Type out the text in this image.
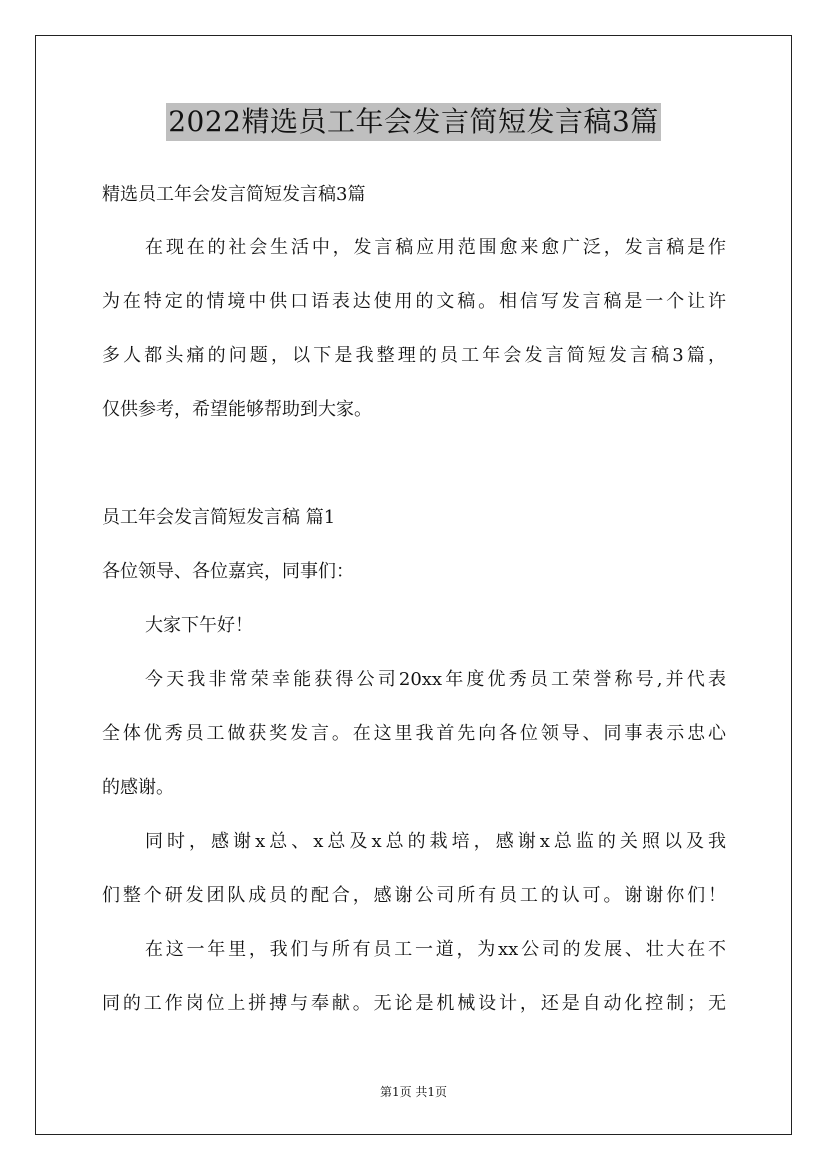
2022精选员工年会发言简短发言稿3篇
精选员工年会发言简短发言稿3篇
在现在的社会生活中，发言稿应用范围愈来愈广泛，发言稿是作
为在特定的情境中供口语表达使用的文稿。相信写发言稿是一个让许
多人都头痛的问题，以下是我整理的员工年会发言简短发言稿3篇，
仅供参考，希望能够帮助到大家。
员工年会发言简短发言稿 篇1
各位领导、各位嘉宾，同事们：
大家下午好！
今天我非常荣幸能获得公司20xx年度优秀员工荣誉称号,并代表
全体优秀员工做获奖发言。在这里我首先向各位领导、同事表示忠心
的感谢。
同时，感谢x总、x总及x总的栽培，感谢x总监的关照以及我
们整个研发团队成员的配合，感谢公司所有员工的认可。谢谢你们！
在这一年里，我们与所有员工一道，为xx公司的发展、壮大在不
同的工作岗位上拼搏与奉献。无论是机械设计，还是自动化控制；无
第1页 共1页
